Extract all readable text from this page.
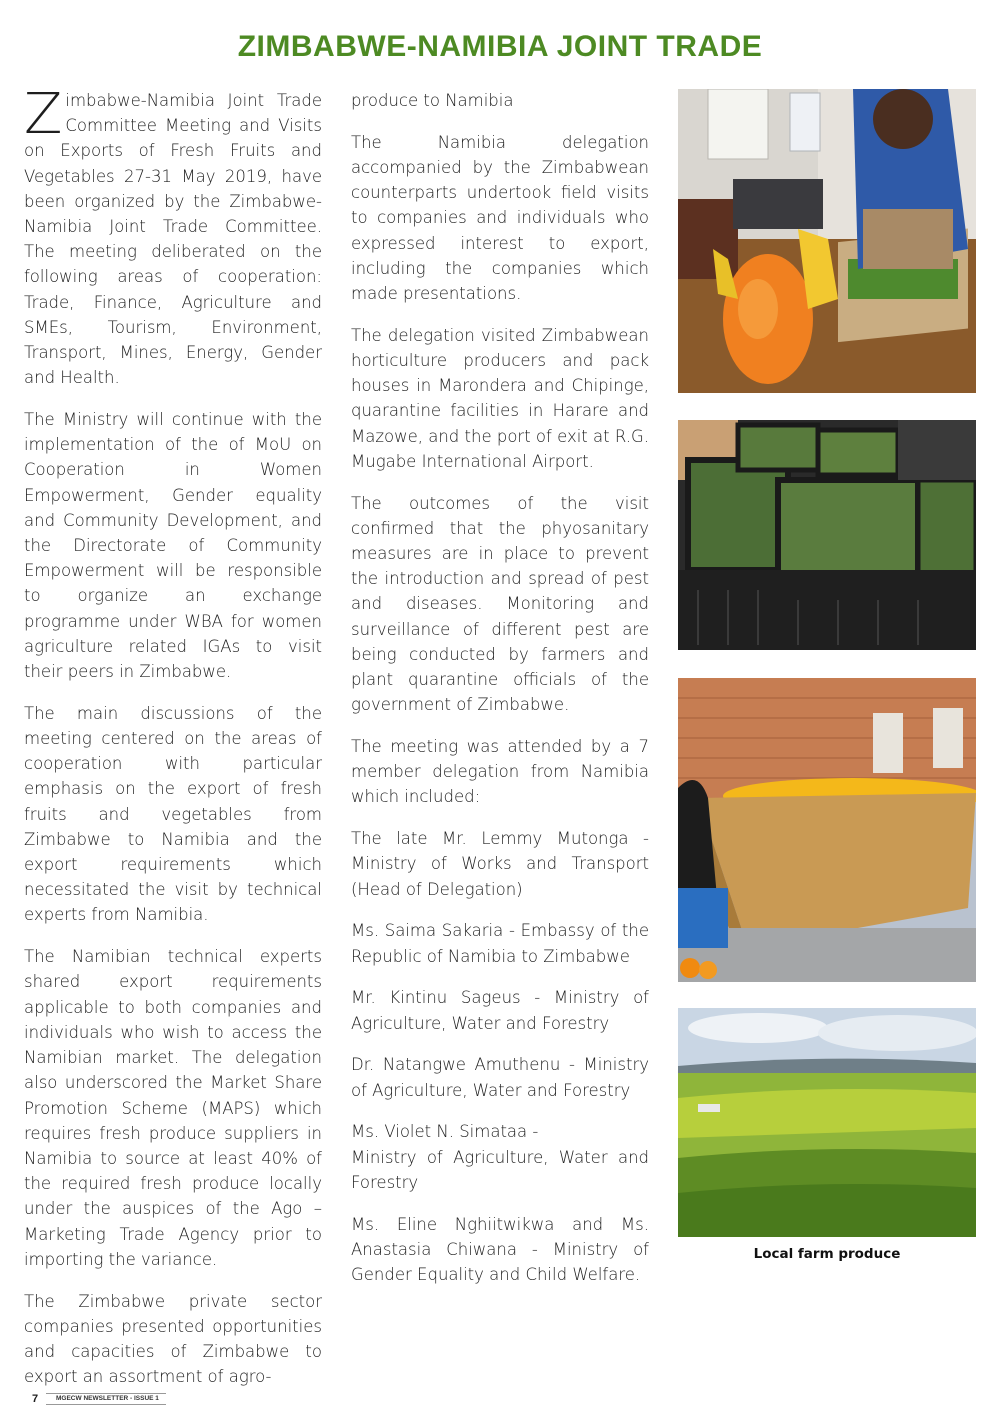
ZIMBABWE-NAMIBIA JOINT TRADE

Zimbabwe-Namibia Joint Trade Committee Meeting and Visits on Exports of Fresh Fruits and Vegetables 27-31 May 2019, have been organized by the Zimbabwe-Namibia Joint Trade Committee. The meeting deliberated on the following areas of cooperation: Trade, Finance, Agriculture and SMEs, Tourism, Environment, Transport, Mines, Energy, Gender and Health.

The Ministry will continue with the implementation of the of MoU on Cooperation in Women Empowerment, Gender equality and Community Development, and the Directorate of Community Empowerment will be responsible to organize an exchange programme under WBA for women agriculture related IGAs to visit their peers in Zimbabwe.

The main discussions of the meeting centered on the areas of cooperation with particular emphasis on the export of fresh fruits and vegetables from Zimbabwe to Namibia and the export requirements which necessitated the visit by technical experts from Namibia.

The Namibian technical experts shared export requirements applicable to both companies and individuals who wish to access the Namibian market. The delegation also underscored the Market Share Promotion Scheme (MAPS) which requires fresh produce suppliers in Namibia to source at least 40% of the required fresh produce locally under the auspices of the Ago – Marketing Trade Agency prior to importing the variance.

The Zimbabwe private sector companies presented opportunities and capacities of Zimbabwe to export an assortment of agro-

produce to Namibia

The Namibia delegation accompanied by the Zimbabwean counterparts undertook field visits to companies and individuals who expressed interest to export, including the companies which made presentations.

The delegation visited Zimbabwean horticulture producers and pack houses in Marondera and Chipinge, quarantine facilities in Harare and Mazowe, and the port of exit at R.G. Mugabe International Airport.

The outcomes of the visit confirmed that the phyosanitary measures are in place to prevent the introduction and spread of pest and diseases. Monitoring and surveillance of different pest are being conducted by farmers and plant quarantine officials of the government of Zimbabwe.

The meeting was attended by a 7 member delegation from Namibia which included:

The late Mr. Lemmy Mutonga - Ministry of Works and Transport (Head of Delegation)

Ms. Saima Sakaria - Embassy of the Republic of Namibia to Zimbabwe

Mr. Kintinu Sageus - Ministry of Agriculture, Water and Forestry

Dr. Natangwe Amuthenu - Ministry of Agriculture, Water and Forestry

Ms. Violet N. Simataa -

Ministry of Agriculture, Water and Forestry

Ms. Eline Nghiitwikwa and Ms. Anastasia Chiwana - Ministry of Gender Equality and Child Welfare.

Local farm produce
7	MGECW NEWSLETTER - ISSUE 1
